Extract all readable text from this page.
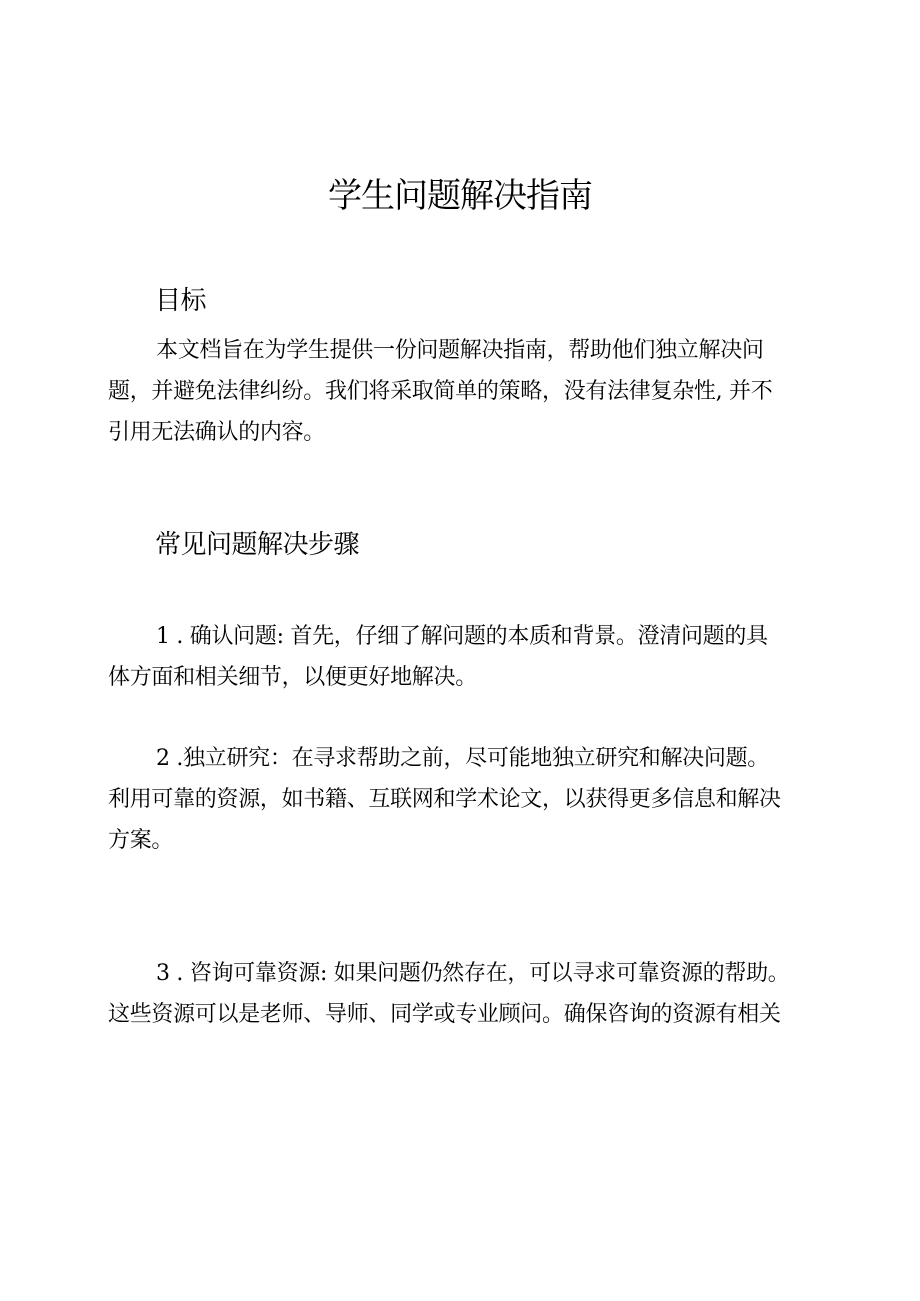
学生问题解决指南
目标

本文档旨在为学生提供一份问题解决指南，帮助他们独立解决问
题，并避免法律纠纷。我们将采取简单的策略，没有法律复杂性, 并不
引用无法确认的内容。

常见问题解决步骤

1 . 确认问题: 首先，仔细了解问题的本质和背景。澄清问题的具
体方面和相关细节，以便更好地解决。

2 .独立研究：在寻求帮助之前，尽可能地独立研究和解决问题。
利用可靠的资源，如书籍、互联网和学术论文，以获得更多信息和解决
方案。

3 . 咨询可靠资源: 如果问题仍然存在，可以寻求可靠资源的帮助。
这些资源可以是老师、导师、同学或专业顾问。确保咨询的资源有相关
